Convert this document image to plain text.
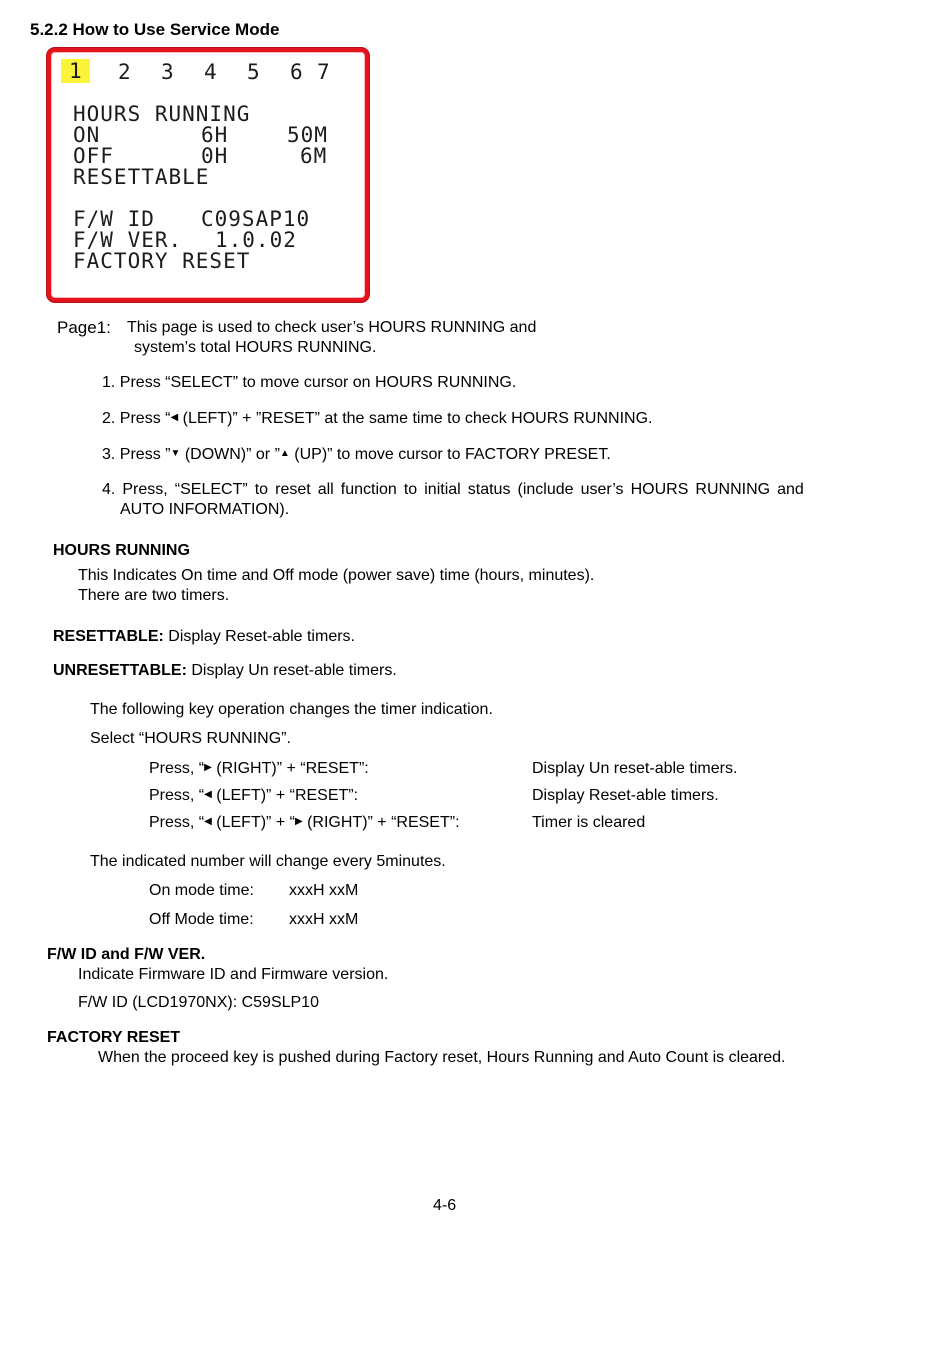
5.2.2 How to Use Service Mode
1	2 3 4 5 6 7
HOURS RUNNING
ON	6H	50M
OFF	0H	6M
RESETTABLE
F/W ID C09SAP10
F/W VER. 1.0.02
FACTORY RESET
Page1: This page is used to check user’s HOURS RUNNING and
system’s total HOURS RUNNING.
1. Press “SELECT” to move cursor on HOURS RUNNING.
2. Press “◀ (LEFT)” + ”RESET” at the same time to check HOURS RUNNING.
3. Press ”▼ (DOWN)” or ”▲ (UP)” to move cursor to FACTORY PRESET.
4. Press, “SELECT” to reset all function to initial status (include user’s HOURS RUNNING and
AUTO INFORMATION).
HOURS RUNNING
This Indicates On time and Off mode (power save) time (hours, minutes).
There are two timers.
RESETTABLE: Display Reset-able timers.
UNRESETTABLE: Display Un reset-able timers.
The following key operation changes the timer indication.
Select “HOURS RUNNING”.
Press, “▶ (RIGHT)” + “RESET”:	Display Un reset-able timers.
Press, “◀ (LEFT)” + “RESET”:	Display Reset-able timers.
Press, “◀ (LEFT)” + “▶ (RIGHT)” + “RESET”:	Timer is cleared
The indicated number will change every 5minutes.
On mode time: xxxH xxM
Off Mode time: xxxH xxM
F/W ID and F/W VER.
Indicate Firmware ID and Firmware version.
F/W ID (LCD1970NX): C59SLP10
FACTORY RESET
When the proceed key is pushed during Factory reset, Hours Running and Auto Count is cleared.
4-6
